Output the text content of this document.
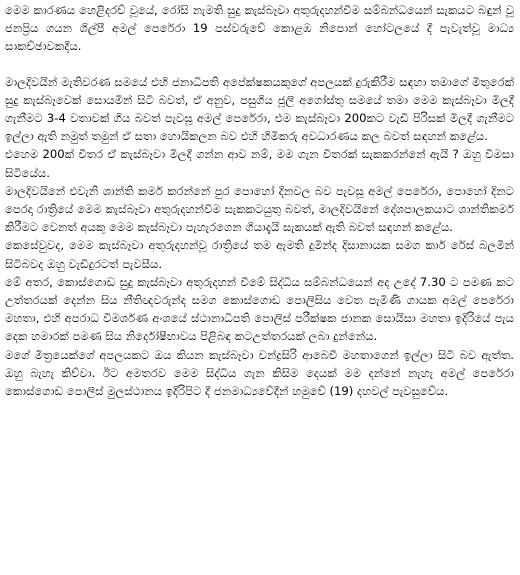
මෙම කාරණය හෙළිදරව් වූයේ, රෝසි නැමති සුදු කැස්බෑවා අතුරුදහන්වීම සම්බන්ධයෙන් සැකයට බඳුන් වූ ජනප්‍රිය ගයන ශිල්පී අමල් පෙරේරා 19 පස්වරුවේ කොළඹ නිපොන් හෝටලයේ දී පැවැත්වූ මාධ්‍ය සාකච්ඡාවකදීය.

මාලදිවයින් මැතිවරණ සමයේ එහි ජනාධිපති අපේක්ෂකයකුගේ අපලයක් දුරුකිරීම සඳහා තමාගේ මිතුරෙක් සුදු කැස්බෑවෙක් සොයමින් සිටි බවත්, ඒ අනුව, පසුගිය ජූලි අගෝස්තු සමයේ තමා මෙම කැස්බෑවා මිලදී ගැනීමට 3-4 වතාවක් ගිය බවත් පැවසූ අමල් පෙරේරා, එම කැස්බෑවා 200කට වැඩි පිරිසක් මිලදී ගැනීමට ඉල්ලා ඇති නමුත් තමුන් ඒ සතා හොයිකලන බව එහි හිමිකරු අවධාරණය කල බවත් සඳහන් කළේය.

එහෙම 200ක් විතර ඒ කැස්බෑවා මිලදී ගන්න ආව නම්, මම ගැන විතරක් සැකකරන්නේ ඇයි ? ඔහු විමසා සිටියේය.

මාලදිවයිනේ එවැනි ශාන්ති කර්ම කරන්නේ පුර පොහෝ දිනවල බව පැවසූ අමල් පෙරේරා, පොහෝ දිනට පෙරදා රාත්‍රියේ මෙම කැස්බෑවා අතුරුදහන්වීම සැකකටයුතු බවත්, මාලදිවයිනේ දේශපාලකයාට ශාන්තිකර්ම කිරීමට වෙනත් අයකු මෙම කැස්බෑවා පැහැරගෙන ගියාදැයි සැකයක් ඇති බවත් සඳහන් කළේය.

කෙසේවුවද, මෙම කැස්බෑවා අතුරුදහන්වූ රාත්‍රියේ තම ඇමති දුමින්ද දිසානායක සමග කාර් රේස් බලමින් සිටිබවද ඔහු වැඩිදුරටත් පැවසීය.

මේ අතර, කොස්ගොඩ සුදු කැස්බෑවා අතුරුදහන් වීමේ සිද්ධිය සම්බන්ධයෙන් අද උදේ 7.30 ට පමණ කට උත්තරයක් දෙන්න සිය නීතිඥවරුන්ද සමග කොස්ගොඩ පොලිසිය වෙත පැමිණි ගායක අමල් පෙරේරා මහතා, එහි අපරාධ විමර්ශණ අංශයේ ස්ථානාධිපති පොලිස් පරීක්ෂක ජානක සොයිසා මහතා ඉදිරියේ පැය දෙක හමාරක් පමණ සිය නිර්දෝෂීභාවය පිළිබඳ කටඋත්තරයක් ලබා දුන්නේය.

මගේ මිත්‍රයෙක්ගේ අපලයකට ඔය කියන කැස්බෑවා චන්ද්‍රසිරි ආබෙවී මහතාගෙන් ඉල්ලා සිටි බව ඇත්ත. ඔහු බැහැ කිව්වා. ඊට අමතරව මෙම සිද්ධිය ගැන කිසිම දෙයක් මම දන්නේ නැහැ අමල් පෙරේරා කොස්ගොඩ පොලිස් මුලස්ථානය ඉදිරිපිට දී ජනමාධ්‍යවේදීන් හමුවේ (19) දහවල් පැවසුවේය.
